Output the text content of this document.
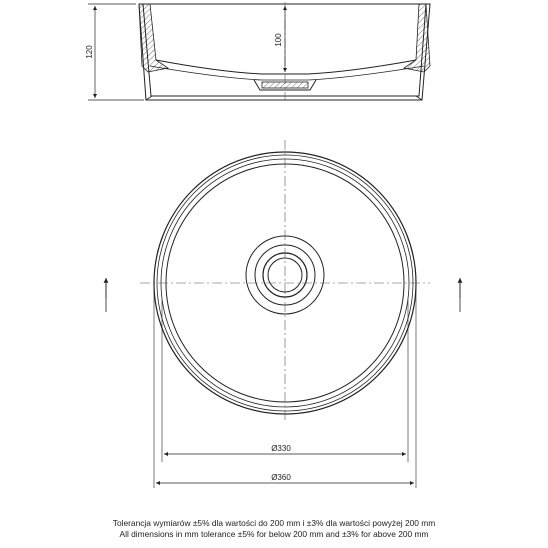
120
100
Ø330
Ø360
Tolerancja wymiarów ±5% dla wartości do 200 mm i ±3% dla wartości powyżej 200 mm
All dimensions in mm tolerance ±5% for below 200 mm and ±3% for above 200 mm
